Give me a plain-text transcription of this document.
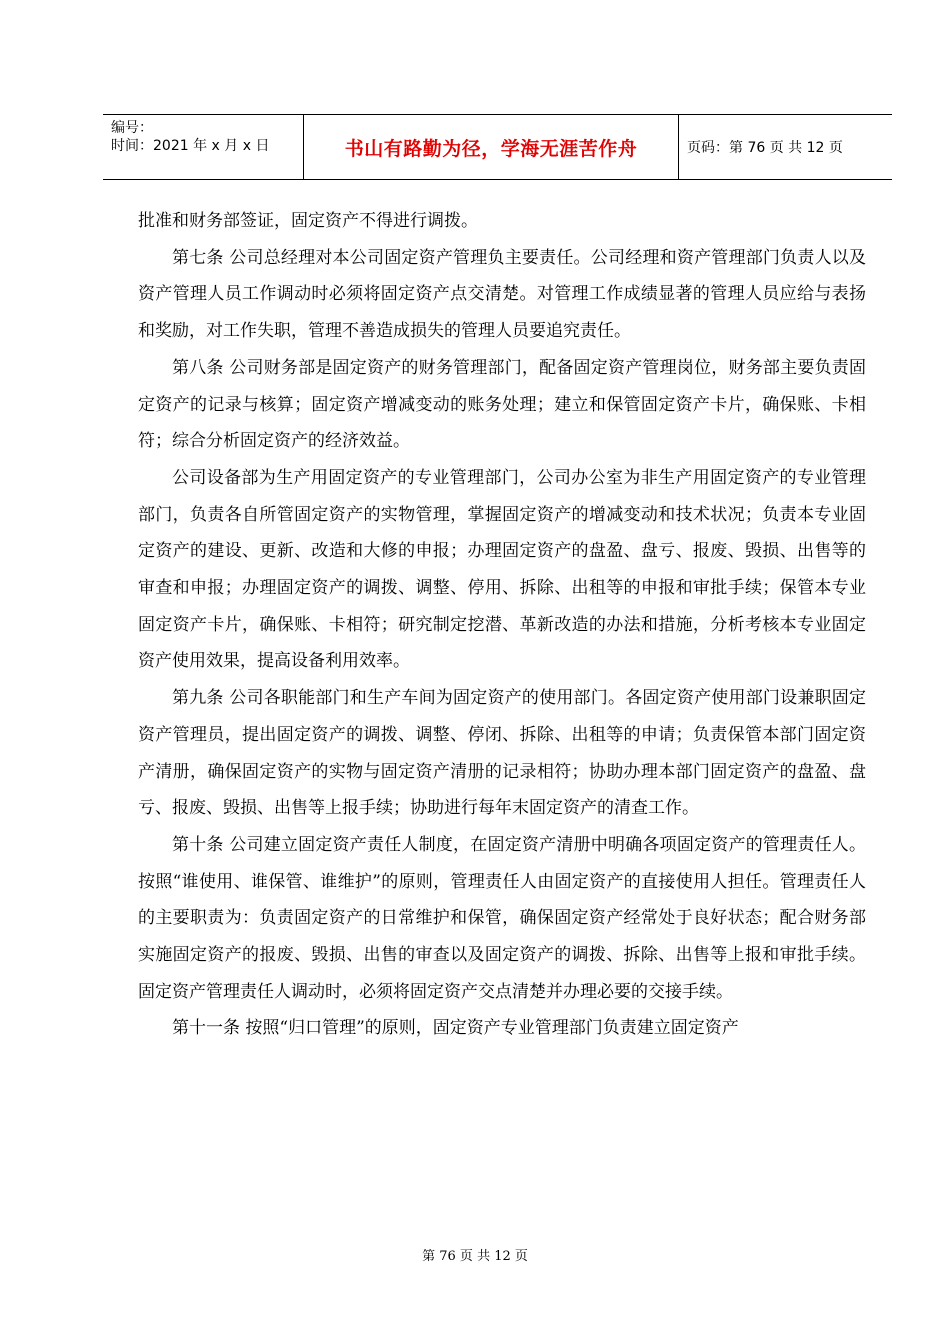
编号：
时间：2021 年 x 月 x 日	书山有路勤为径，学海无涯苦作舟	页码：第 76 页 共 12 页

批准和财务部签证，固定资产不得进行调拨。

第七条 公司总经理对本公司固定资产管理负主要责任。公司经理和资产管理部门负责人以及资产管理人员工作调动时必须将固定资产点交清楚。对管理工作成绩显著的管理人员应给与表扬和奖励，对工作失职，管理不善造成损失的管理人员要追究责任。

第八条 公司财务部是固定资产的财务管理部门，配备固定资产管理岗位，财务部主要负责固定资产的记录与核算；固定资产增减变动的账务处理；建立和保管固定资产卡片，确保账、卡相符；综合分析固定资产的经济效益。

公司设备部为生产用固定资产的专业管理部门，公司办公室为非生产用固定资产的专业管理部门，负责各自所管固定资产的实物管理，掌握固定资产的增减变动和技术状况；负责本专业固定资产的建设、更新、改造和大修的申报；办理固定资产的盘盈、盘亏、报废、毁损、出售等的审查和申报；办理固定资产的调拨、调整、停用、拆除、出租等的申报和审批手续；保管本专业固定资产卡片，确保账、卡相符；研究制定挖潜、革新改造的办法和措施，分析考核本专业固定资产使用效果，提高设备利用效率。

第九条 公司各职能部门和生产车间为固定资产的使用部门。各固定资产使用部门设兼职固定资产管理员，提出固定资产的调拨、调整、停闭、拆除、出租等的申请；负责保管本部门固定资产清册，确保固定资产的实物与固定资产清册的记录相符；协助办理本部门固定资产的盘盈、盘亏、报废、毁损、出售等上报手续；协助进行每年末固定资产的清查工作。

第十条 公司建立固定资产责任人制度，在固定资产清册中明确各项固定资产的管理责任人。按照“谁使用、谁保管、谁维护”的原则，管理责任人由固定资产的直接使用人担任。管理责任人的主要职责为：负责固定资产的日常维护和保管，确保固定资产经常处于良好状态；配合财务部实施固定资产的报废、毁损、出售的审查以及固定资产的调拨、拆除、出售等上报和审批手续。固定资产管理责任人调动时，必须将固定资产交点清楚并办理必要的交接手续。

第十一条 按照“归口管理”的原则，固定资产专业管理部门负责建立固定资产

第 76 页 共 12 页
